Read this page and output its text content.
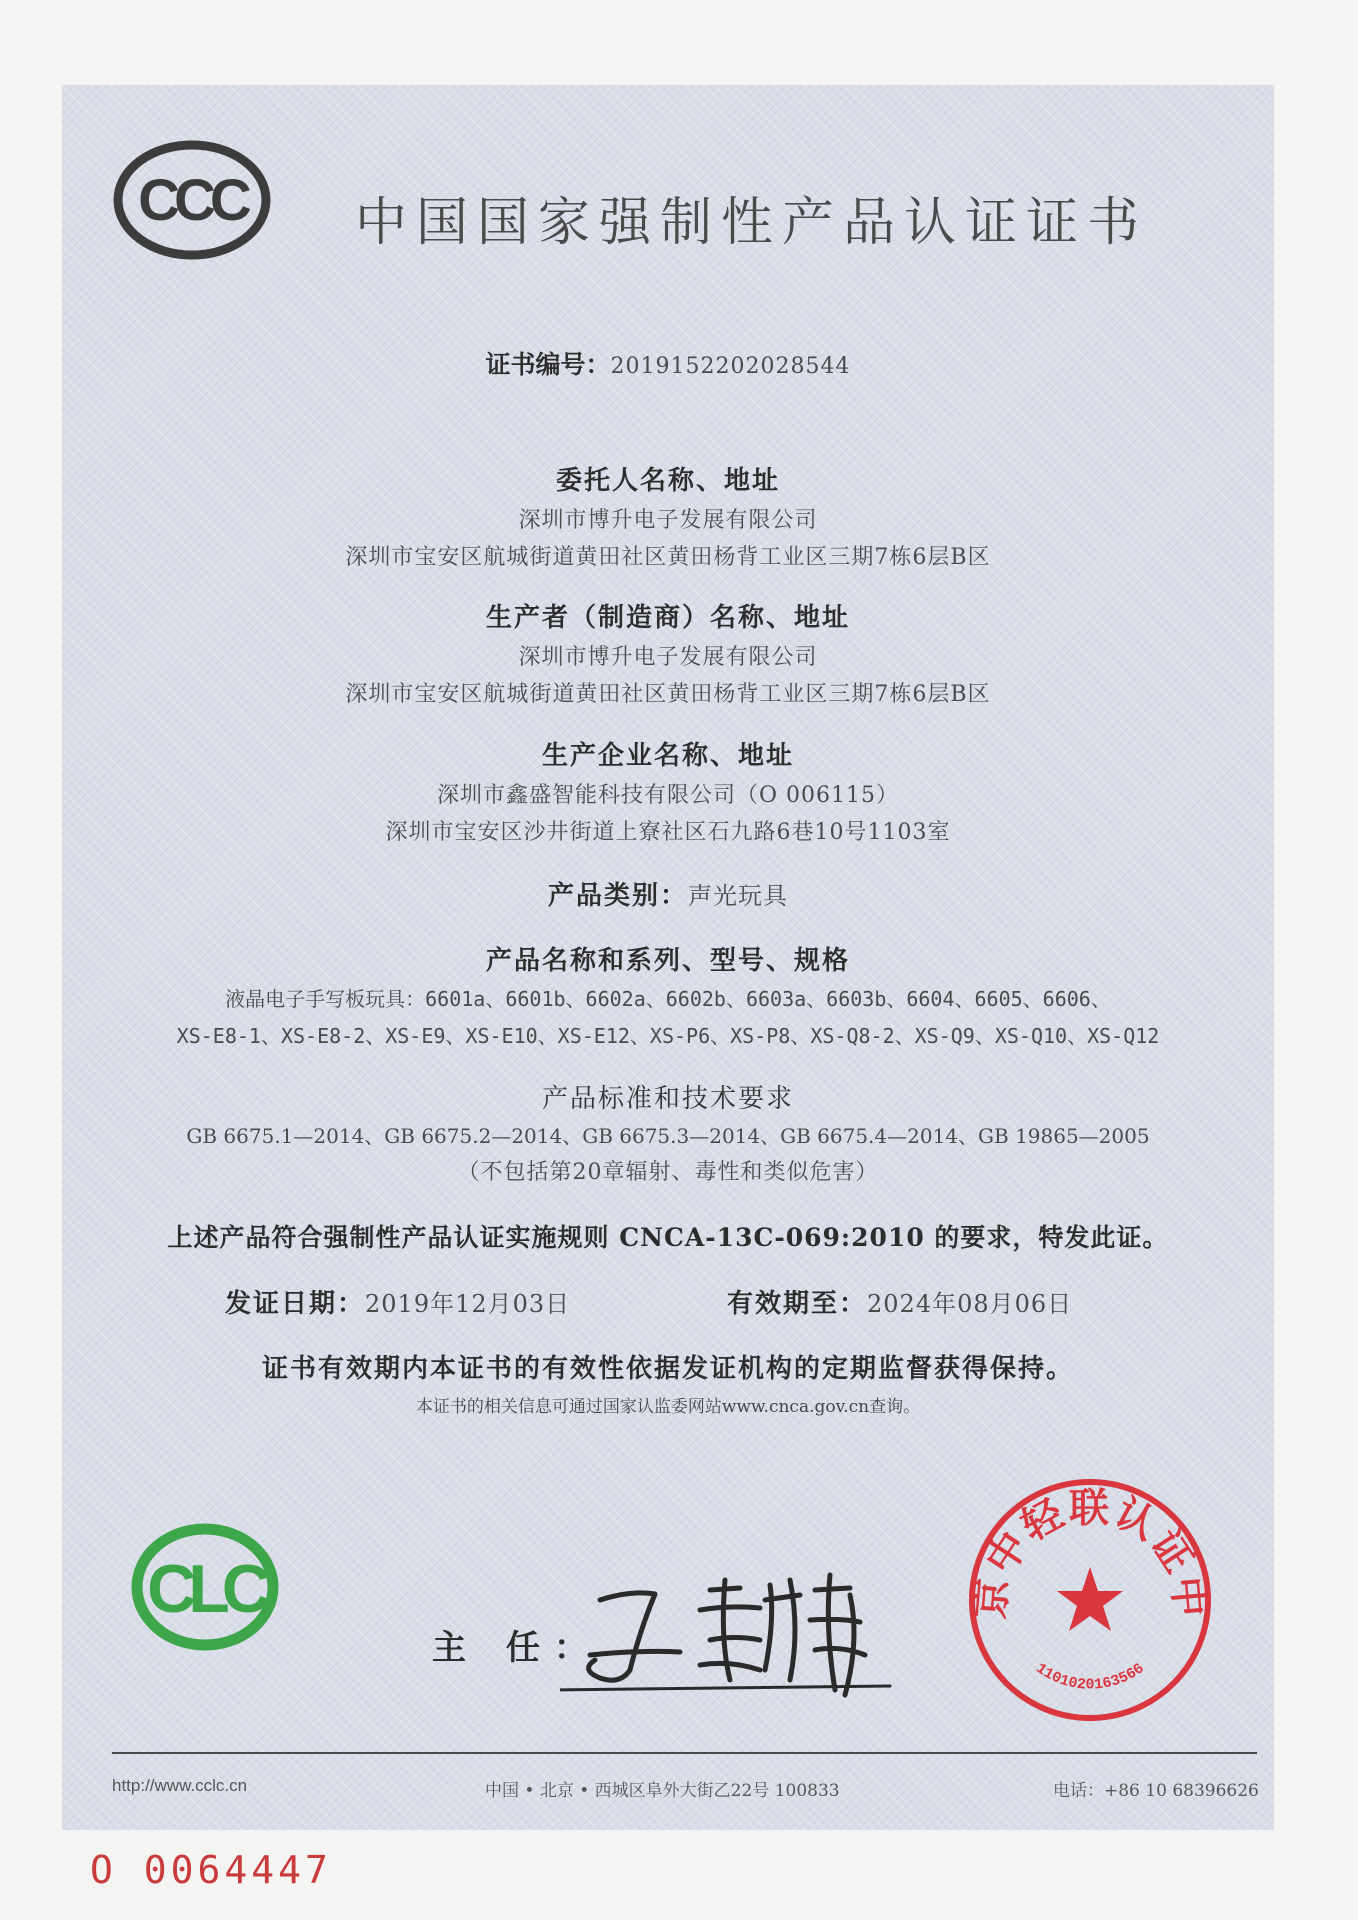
CCC 中国国家强制性产品认证证书
证书编号：2019152202028544
委托人名称、地址
深圳市博升电子发展有限公司
深圳市宝安区航城街道黄田社区黄田杨背工业区三期7栋6层B区
生产者（制造商）名称、地址
深圳市博升电子发展有限公司
深圳市宝安区航城街道黄田社区黄田杨背工业区三期7栋6层B区
生产企业名称、地址
深圳市鑫盛智能科技有限公司（O 006115）
深圳市宝安区沙井街道上寮社区石九路6巷10号1103室
产品类别：声光玩具
产品名称和系列、型号、规格
液晶电子手写板玩具：6601a、6601b、6602a、6602b、6603a、6603b、6604、6605、6606、
XS-E8-1、XS-E8-2、XS-E9、XS-E10、XS-E12、XS-P6、XS-P8、XS-Q8-2、XS-Q9、XS-Q10、XS-Q12
产品标准和技术要求
GB 6675.1—2014、GB 6675.2—2014、GB 6675.3—2014、GB 6675.4—2014、GB 19865—2005
（不包括第20章辐射、毒性和类似危害）
上述产品符合强制性产品认证实施规则 CNCA-13C-069:2010 的要求，特发此证。
发证日期：2019年12月03日	有效期至：2024年08月06日
证书有效期内本证书的有效性依据发证机构的定期监督获得保持。
本证书的相关信息可通过国家认监委网站www.cnca.gov.cn查询。
CLC
主 任：
京中轻联认证中
1101020163566
http://www.cclc.cn	中国 • 北京 • 西城区阜外大街乙22号 100833	电话：+86 10 68396626
O 0064447
